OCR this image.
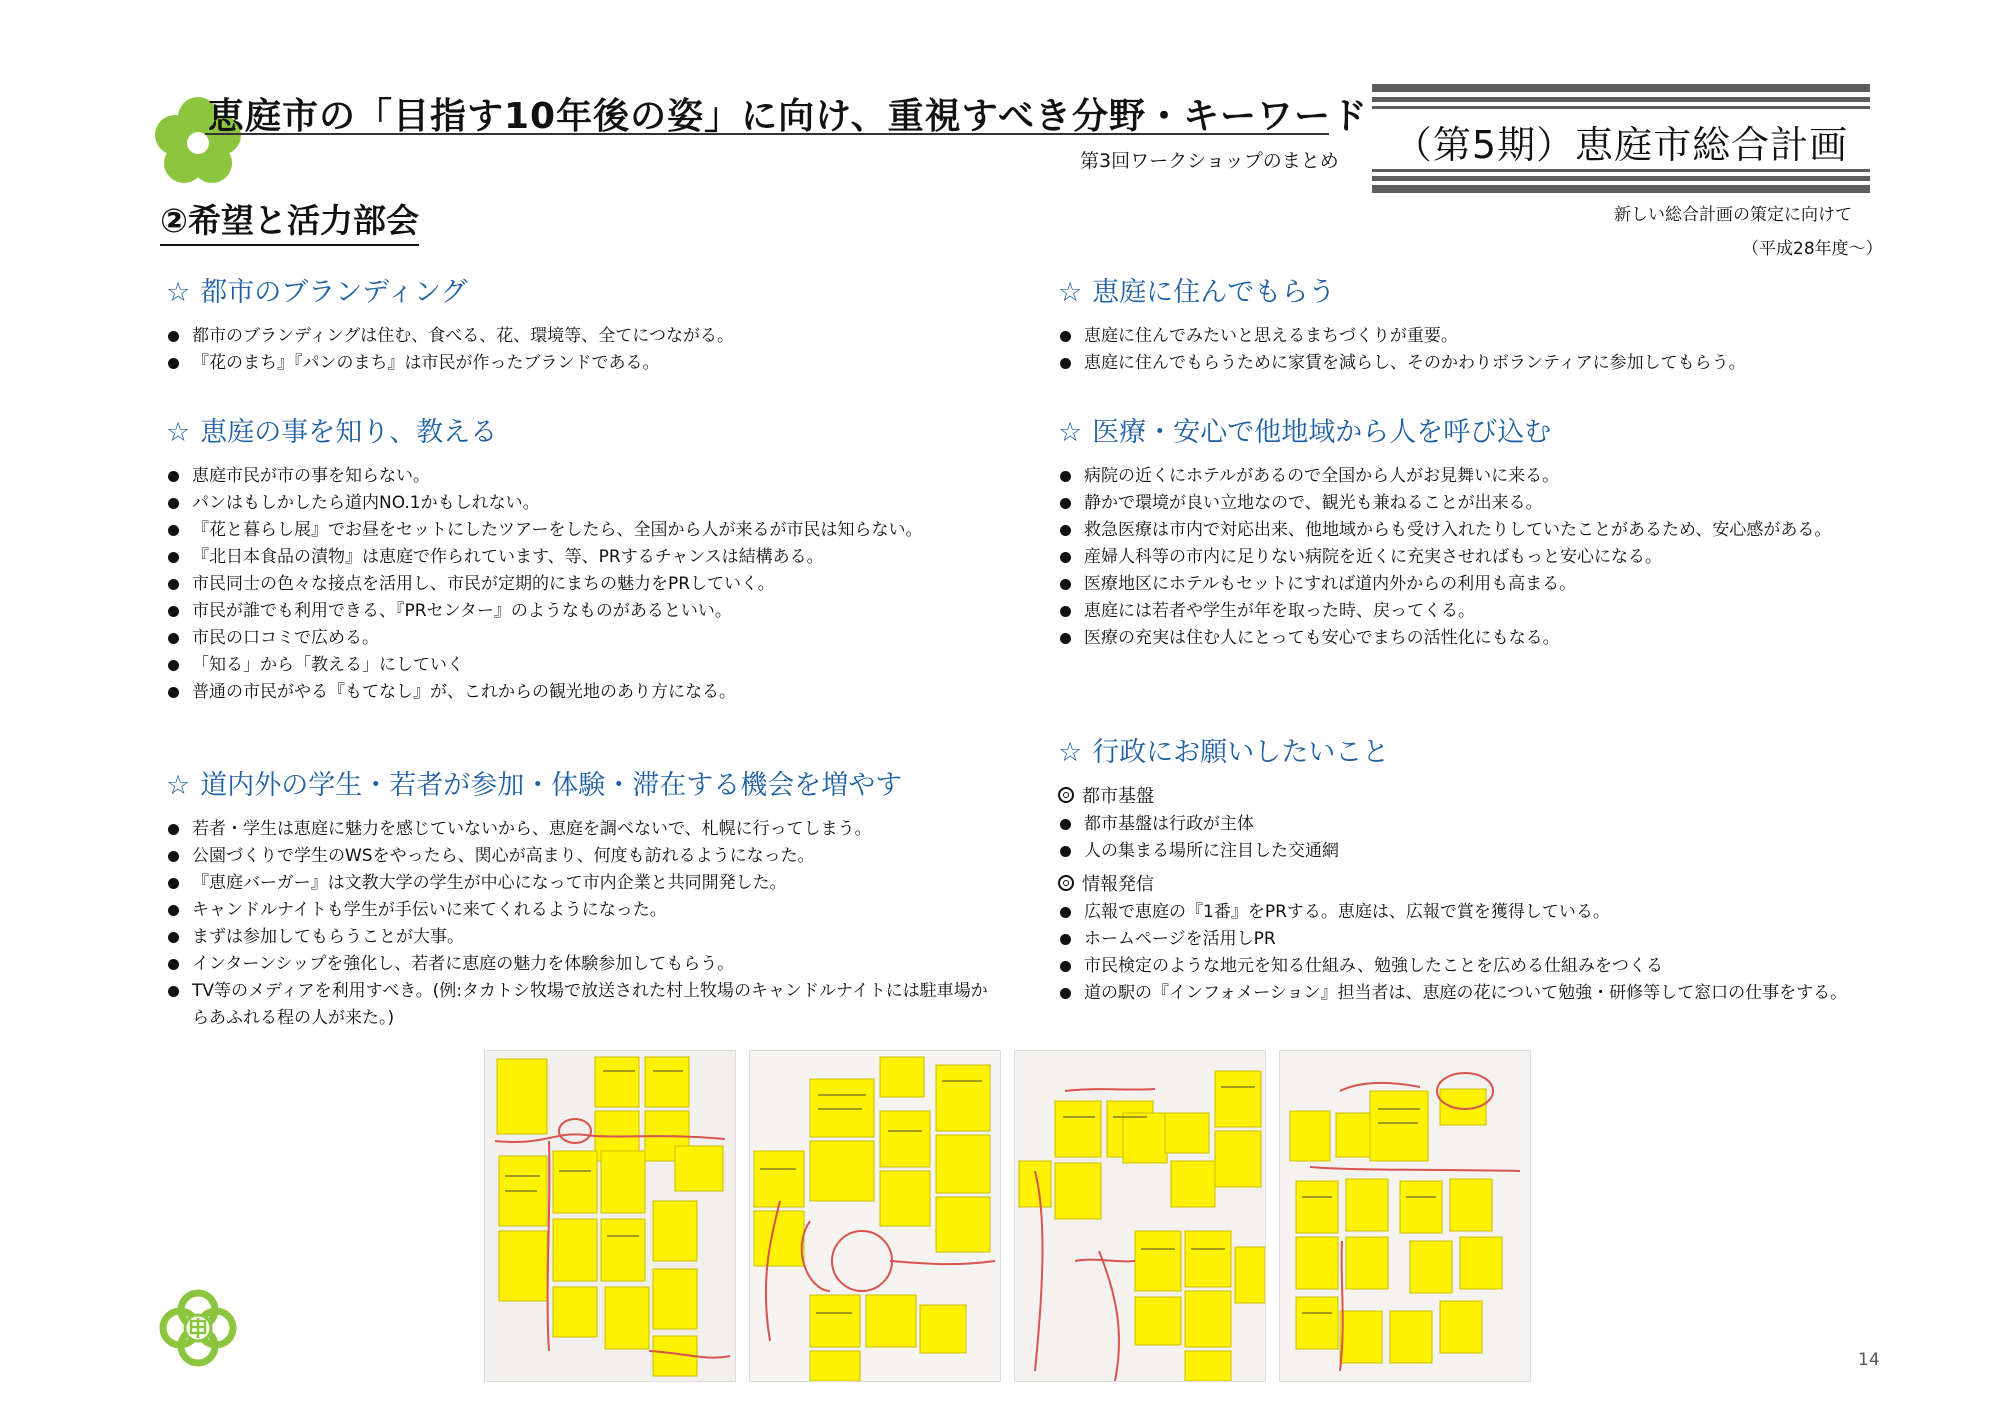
恵庭市の「目指す10年後の姿」に向け、重視すべき分野・キーワード
第3回ワークショップのまとめ	（第5期）恵庭市総合計画
新しい総合計画の策定に向けて
（平成28年度～）
②希望と活力部会
☆ 都市のブランディング
都市のブランディングは住む、食べる、花、環境等、全てにつながる。
『花のまち』『パンのまち』は市民が作ったブランドである。
☆ 恵庭に住んでもらう
恵庭に住んでみたいと思えるまちづくりが重要。
恵庭に住んでもらうために家賃を減らし、そのかわりボランティアに参加してもらう。
☆ 恵庭の事を知り、教える
恵庭市民が市の事を知らない。
パンはもしかしたら道内NO.1かもしれない。
『花と暮らし展』でお昼をセットにしたツアーをしたら、全国から人が来るが市民は知らない。
『北日本食品の漬物』は恵庭で作られています、等、PRするチャンスは結構ある。
市民同士の色々な接点を活用し、市民が定期的にまちの魅力をPRしていく。
市民が誰でも利用できる、『PRセンター』のようなものがあるといい。
市民の口コミで広める。
「知る」から「教える」にしていく
普通の市民がやる『もてなし』が、これからの観光地のあり方になる。
☆ 医療・安心で他地域から人を呼び込む
病院の近くにホテルがあるので全国から人がお見舞いに来る。
静かで環境が良い立地なので、観光も兼ねることが出来る。
救急医療は市内で対応出来、他地域からも受け入れたりしていたことがあるため、安心感がある。
産婦人科等の市内に足りない病院を近くに充実させればもっと安心になる。
医療地区にホテルもセットにすれば道内外からの利用も高まる。
恵庭には若者や学生が年を取った時、戻ってくる。
医療の充実は住む人にとっても安心でまちの活性化にもなる。
☆ 道内外の学生・若者が参加・体験・滞在する機会を増やす
若者・学生は恵庭に魅力を感じていないから、恵庭を調べないで、札幌に行ってしまう。
公園づくりで学生のWSをやったら、関心が高まり、何度も訪れるようになった。
『恵庭バーガー』は文教大学の学生が中心になって市内企業と共同開発した。
キャンドルナイトも学生が手伝いに来てくれるようになった。
まずは参加してもらうことが大事。
インターンシップを強化し、若者に恵庭の魅力を体験参加してもらう。
TV等のメディアを利用すべき。(例:タカトシ牧場で放送された村上牧場のキャンドルナイトには駐車場からあふれる程の人が来た。)
☆ 行政にお願いしたいこと
都市基盤
都市基盤は行政が主体
人の集まる場所に注目した交通網
情報発信
広報で恵庭の『1番』をPRする。恵庭は、広報で賞を獲得している。
ホームページを活用しPR
市民検定のような地元を知る仕組み、勉強したことを広める仕組みをつくる
道の駅の『インフォメーション』担当者は、恵庭の花について勉強・研修等して窓口の仕事をする。
14
